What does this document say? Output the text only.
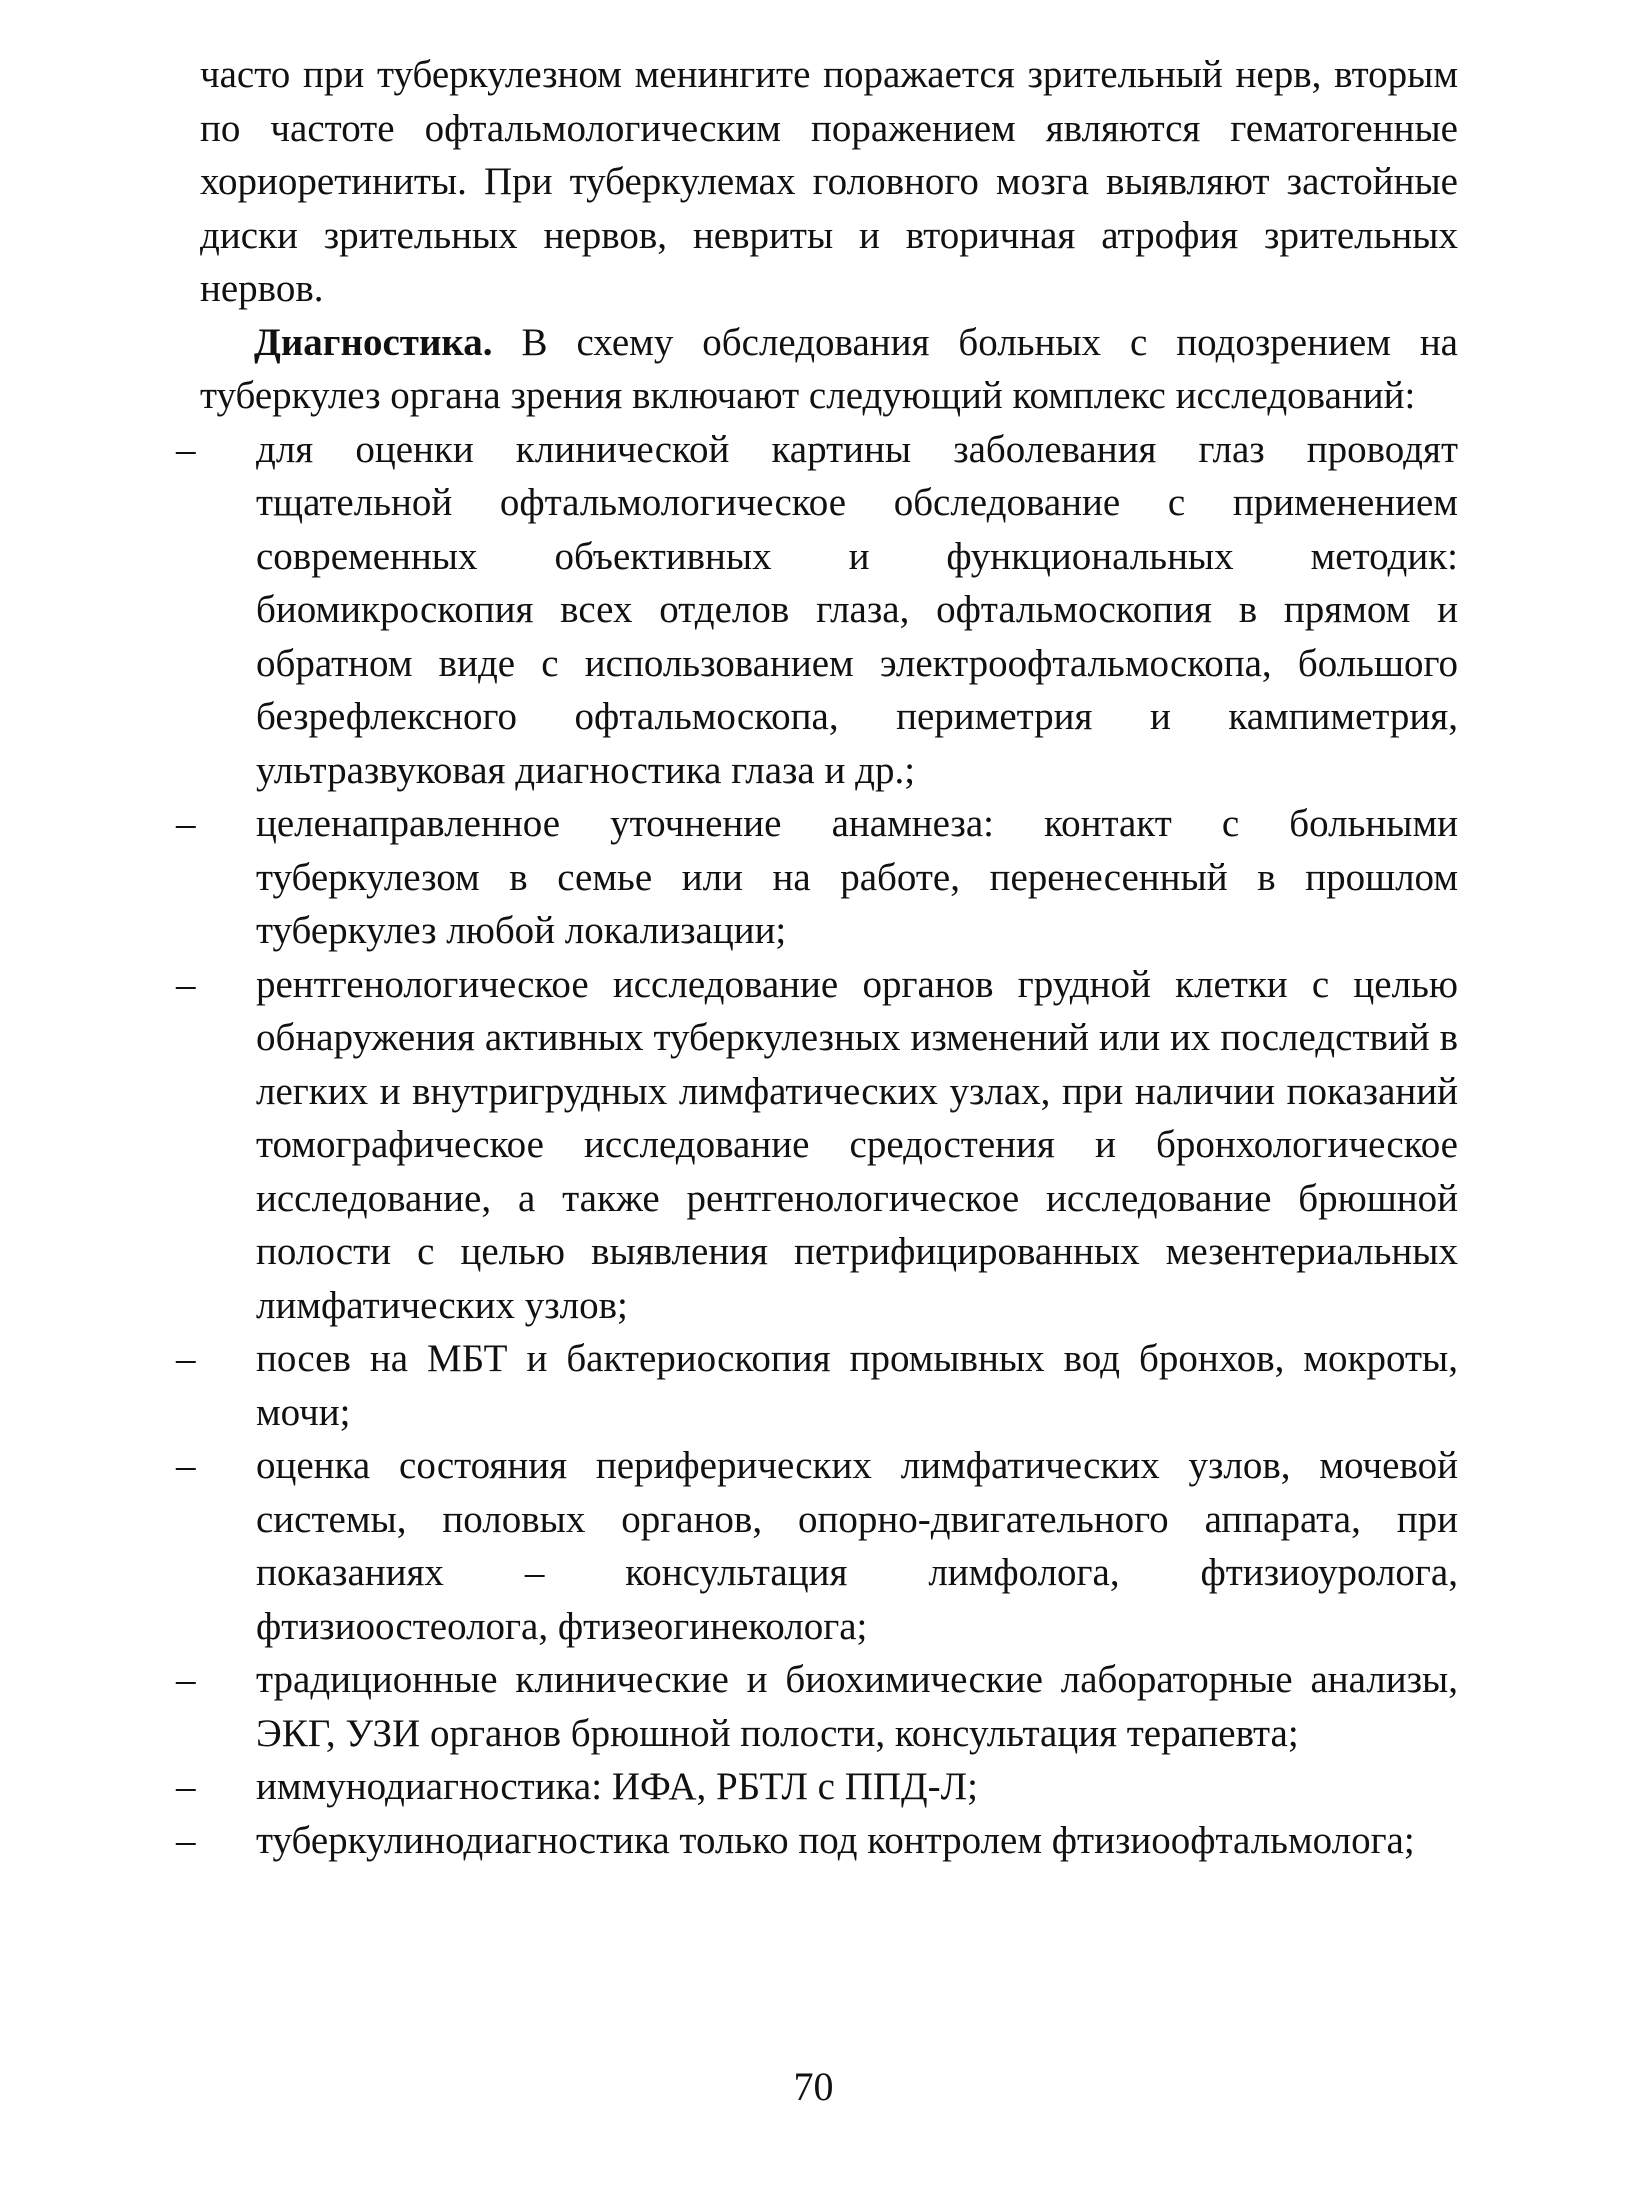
часто при туберкулезном менингите поражается зрительный нерв, вторым по частоте офтальмологическим поражением являются гематогенные хориоретиниты. При туберкулемах головного мозга выявляют застойные диски зрительных нервов, невриты и вторичная атрофия зрительных нервов.

Диагностика. В схему обследования больных с подозрением на туберкулез органа зрения включают следующий комплекс исследований:

– для оценки клинической картины заболевания глаз проводят тщательной офтальмологическое обследование с применением современных объективных и функциональных методик: биомикроскопия всех отделов глаза, офтальмоскопия в прямом и обратном виде с использованием электроофтальмоскопа, большого безрефлексного офтальмоскопа, периметрия и кампиметрия, ультразвуковая диагностика глаза и др.;
– целенаправленное уточнение анамнеза: контакт с больными туберкулезом в семье или на работе, перенесенный в прошлом туберкулез любой локализации;
– рентгенологическое исследование органов грудной клетки с целью обнаружения активных туберкулезных изменений или их последствий в легких и внутригрудных лимфатических узлах, при наличии показаний томографическое исследование средостения и бронхологическое исследование, а также рентгенологическое исследование брюшной полости с целью выявления петрифицированных мезентериальных лимфатических узлов;
– посев на МБТ и бактериоскопия промывных вод бронхов, мокроты, мочи;
– оценка состояния периферических лимфатических узлов, мочевой системы, половых органов, опорно-двигательного аппарата, при показаниях – консультация лимфолога, фтизиоуролога, фтизиоостеолога, фтизеогинеколога;
– традиционные клинические и биохимические лабораторные анализы, ЭКГ, УЗИ органов брюшной полости, консультация терапевта;
– иммунодиагностика: ИФА, РБТЛ с ППД-Л;
– туберкулинодиагностика только под контролем фтизиоофтальмолога;
70
